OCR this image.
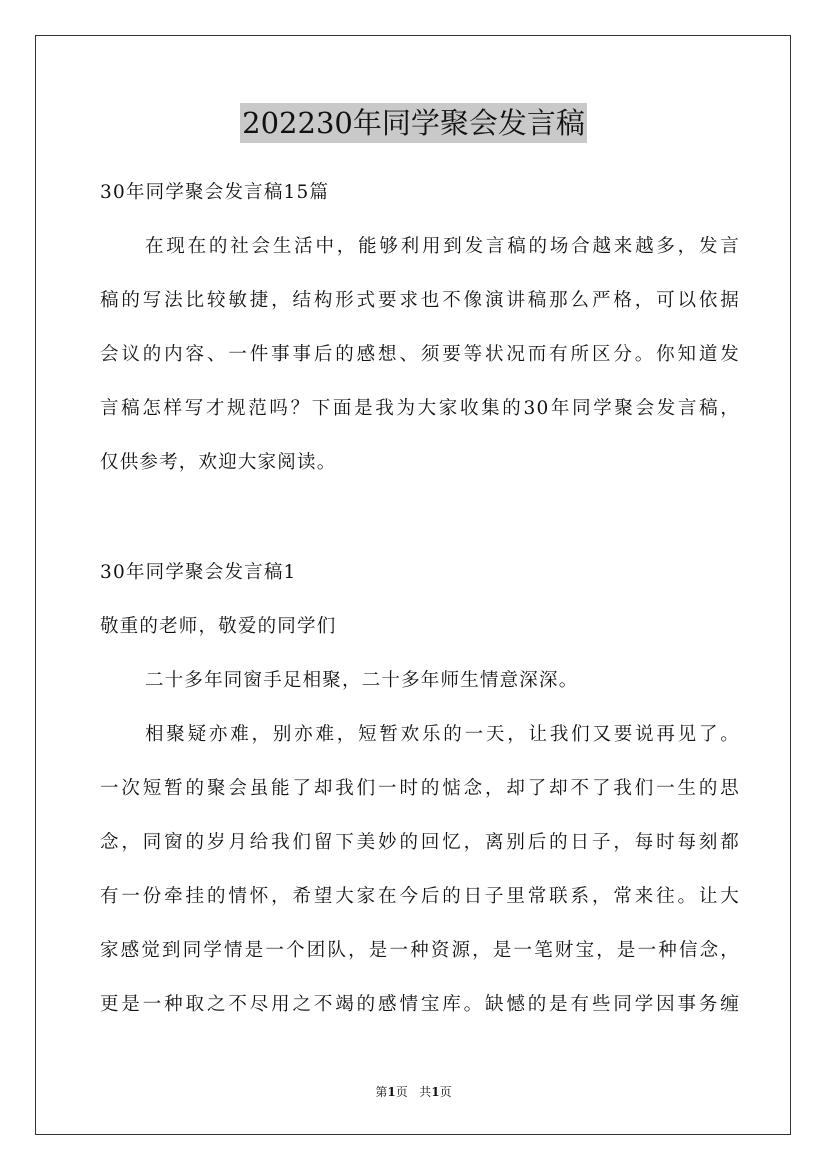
202230年同学聚会发言稿

30年同学聚会发言稿15篇

在现在的社会生活中，能够利用到发言稿的场合越来越多，发言

稿的写法比较敏捷，结构形式要求也不像演讲稿那么严格，可以依据

会议的内容、一件事事后的感想、须要等状况而有所区分。你知道发

言稿怎样写才规范吗？下面是我为大家收集的30年同学聚会发言稿，

仅供参考，欢迎大家阅读。

30年同学聚会发言稿1

敬重的老师，敬爱的同学们

二十多年同窗手足相聚，二十多年师生情意深深。

相聚疑亦难，别亦难，短暂欢乐的一天，让我们又要说再见了。

一次短暂的聚会虽能了却我们一时的惦念，却了却不了我们一生的思

念，同窗的岁月给我们留下美妙的回忆，离别后的日子，每时每刻都

有一份牵挂的情怀，希望大家在今后的日子里常联系，常来往。让大

家感觉到同学情是一个团队，是一种资源，是一笔财宝，是一种信念，

更是一种取之不尽用之不竭的感情宝库。缺憾的是有些同学因事务缠

第1页 共1页
